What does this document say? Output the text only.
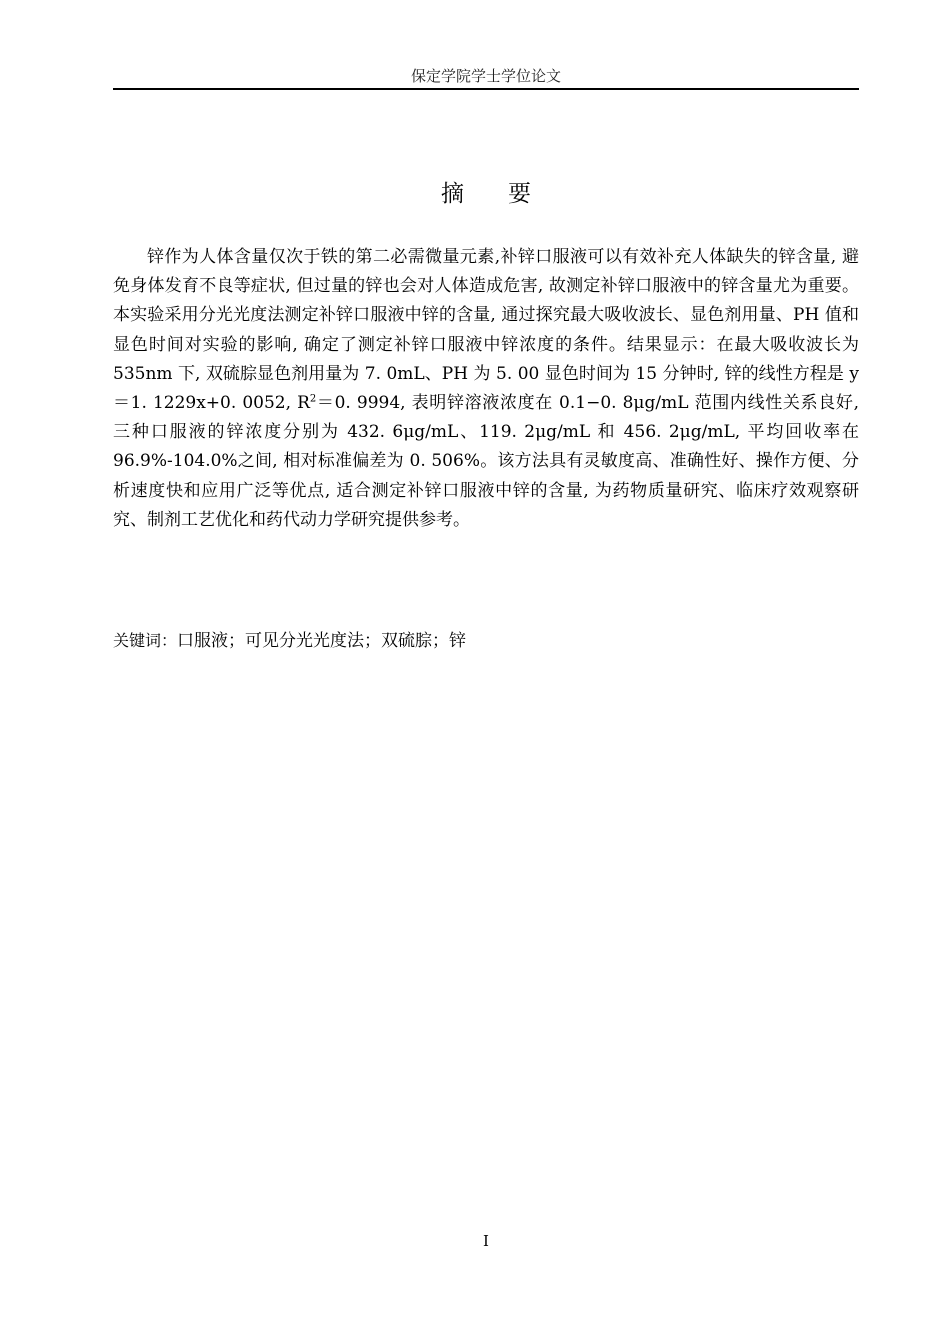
保定学院学士学位论文
摘 要

锌作为人体含量仅次于铁的第二必需微量元素,补锌口服液可以有效补充人体缺失的锌含量, 避免身体发育不良等症状, 但过量的锌也会对人体造成危害, 故测定补锌口服液中的锌含量尤为重要。本实验采用分光光度法测定补锌口服液中锌的含量, 通过探究最大吸收波长、显色剂用量、PH 值和显色时间对实验的影响, 确定了测定补锌口服液中锌浓度的条件。结果显示：在最大吸收波长为 535nm 下, 双硫腙显色剂用量为 7. 0mL、PH 为 5. 00 显色时间为 15 分钟时, 锌的线性方程是 y＝1. 1229x+0. 0052, $R^2=0$. 9994, 表明锌溶液浓度在 0.1−0. 8μg/mL 范围内线性关系良好, 三种口服液的锌浓度分别为 432. 6μg/mL、119. 2μg/mL 和 456. 2μg/mL, 平均回收率在 96.9%-104.0%之间, 相对标准偏差为 0. 506%。该方法具有灵敏度高、准确性好、操作方便、分析速度快和应用广泛等优点, 适合测定补锌口服液中锌的含量, 为药物质量研究、临床疗效观察研究、制剂工艺优化和药代动力学研究提供参考。

关键词：口服液；可见分光光度法；双硫腙；锌
I
